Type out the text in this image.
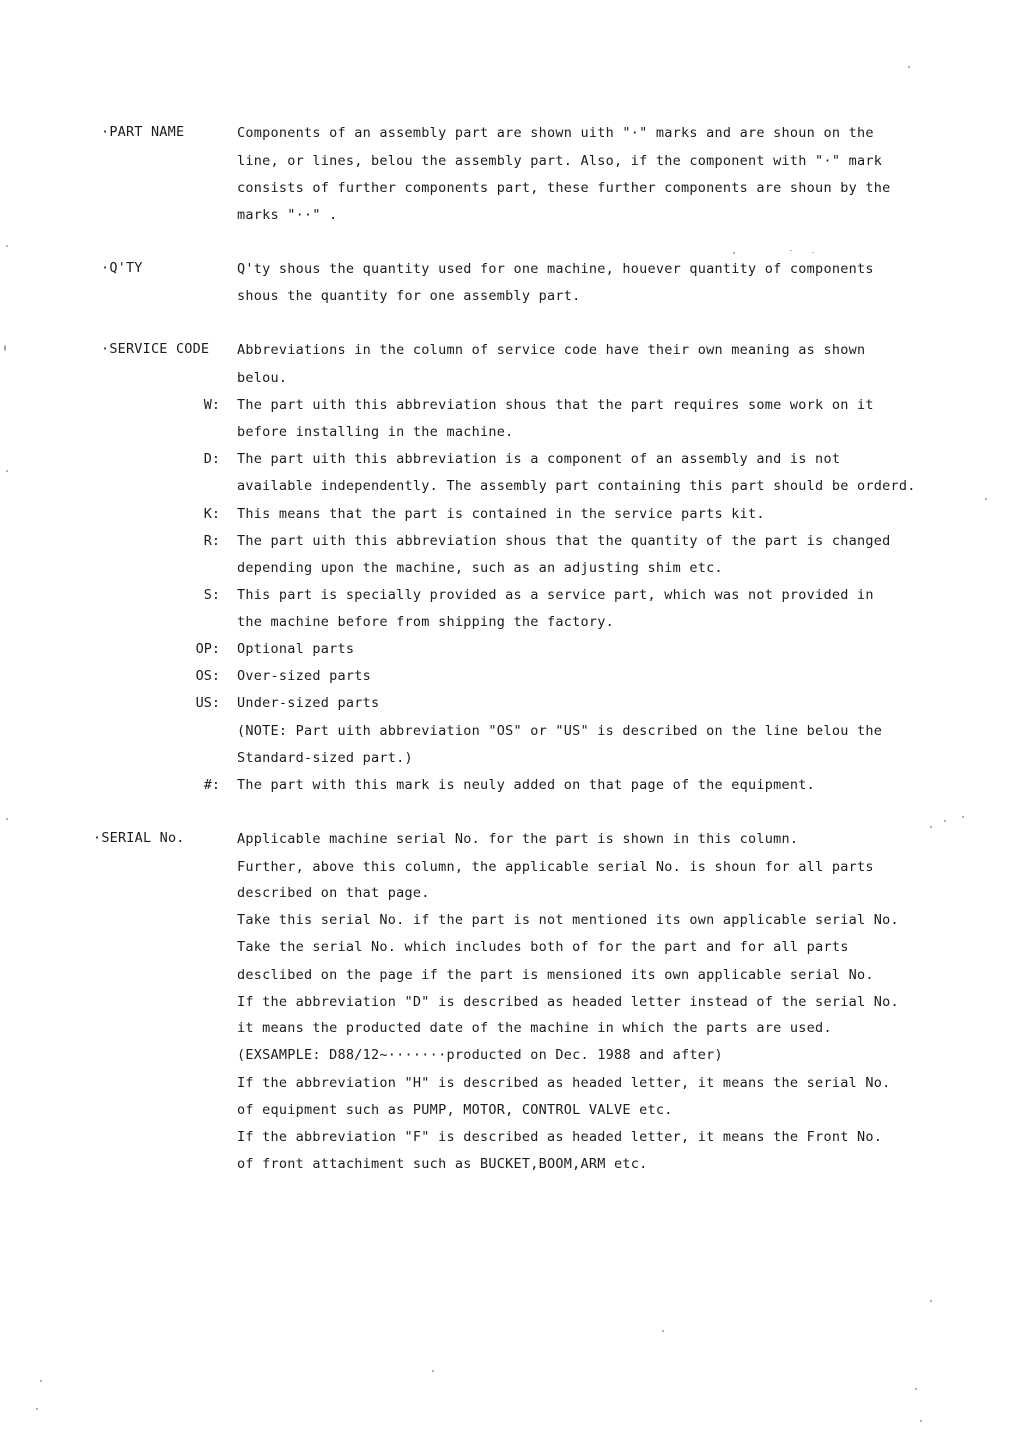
·PART NAME	Components of an assembly part are shown uith "·" marks and are shoun on the
line, or lines, belou the assembly part. Also, if the component with "·" mark
consists of further components part, these further components are shoun by the
marks "··" .
·Q'TY	Q'ty shous the quantity used for one machine, houever quantity of components
shous the quantity for one assembly part.
·SERVICE CODE Abbreviations in the column of service code have their own meaning as shown
belou.
W: The part uith this abbreviation shous that the part requires some work on it
before installing in the machine.
D: The part uith this abbreviation is a component of an assembly and is not
available independently. The assembly part containing this part should be orderd.
K: This means that the part is contained in the service parts kit.
R: The part uith this abbreviation shous that the quantity of the part is changed
depending upon the machine, such as an adjusting shim etc.
S: This part is specially provided as a service part, which was not provided in
the machine before from shipping the factory.
OP: Optional parts
OS: Over-sized parts
US: Under-sized parts
(NOTE: Part uith abbreviation "OS" or "US" is described on the line belou the
Standard-sized part.)
#: The part with this mark is neuly added on that page of the equipment.
·SERIAL No.	Applicable machine serial No. for the part is shown in this column.
Further, above this column, the applicable serial No. is shoun for all parts
described on that page.
Take this serial No. if the part is not mentioned its own applicable serial No.
Take the serial No. which includes both of for the part and for all parts
desclibed on the page if the part is mensioned its own applicable serial No.
If the abbreviation "D" is described as headed letter instead of the serial No.
it means the producted date of the machine in which the parts are used.
(EXSAMPLE: D88/12~·······producted on Dec. 1988 and after)
If the abbreviation "H" is described as headed letter, it means the serial No.
of equipment such as PUMP, MOTOR, CONTROL VALVE etc.
If the abbreviation "F" is described as headed letter, it means the Front No.
of front attachiment such as BUCKET,BOOM,ARM etc.
